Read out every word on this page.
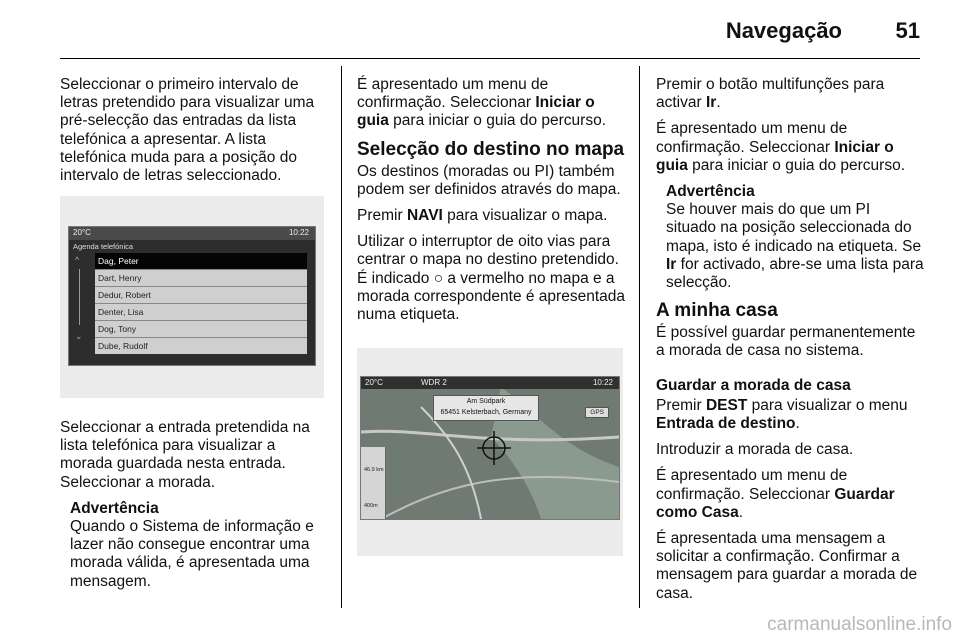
Navegação 51

Seleccionar o primeiro intervalo de letras pretendido para visualizar uma pré-selecção das entradas da lista telefónica a apresentar. A lista telefónica muda para a posição do intervalo de letras seleccionado.

20°C	10:22
Agenda telefónica
^
⌄
Dag, Peter
Dart, Henry
Dedur, Robert
Denter, Lisa
Dog, Tony
Dube, Rudolf

Seleccionar a entrada pretendida na lista telefónica para visualizar a morada guardada nesta entrada. Seleccionar a morada.

Advertência
Quando o Sistema de informação e lazer não consegue encontrar uma morada válida, é apresentada uma mensagem.

É apresentado um menu de confirmação. Seleccionar Iniciar o guia para iniciar o guia do percurso.

Selecção do destino no mapa

Os destinos (moradas ou PI) também podem ser definidos através do mapa.

Premir NAVI para visualizar o mapa.

Utilizar o interruptor de oito vias para centrar o mapa no destino pretendido. É indicado ○ a vermelho no mapa e a morada correspondente é apresentada numa etiqueta.

20°C	WDR 2	10:22
Am Südpark
65451 Kelsterbach, Germany	GPS
46.9 km
400m

Premir o botão multifunções para activar Ir.

É apresentado um menu de confirmação. Seleccionar Iniciar o guia para iniciar o guia do percurso.

Advertência
Se houver mais do que um PI situado na posição seleccionada do mapa, isto é indicado na etiqueta. Se Ir for activado, abre-se uma lista para selecção.
A minha casa

É possível guardar permanentemente a morada de casa no sistema.

Guardar a morada de casa

Premir DEST para visualizar o menu Entrada de destino.

Introduzir a morada de casa.

É apresentado um menu de confirmação. Seleccionar Guardar como Casa.

É apresentada uma mensagem a solicitar a confirmação. Confirmar a mensagem para guardar a morada de casa.

carmanualsonline.info
